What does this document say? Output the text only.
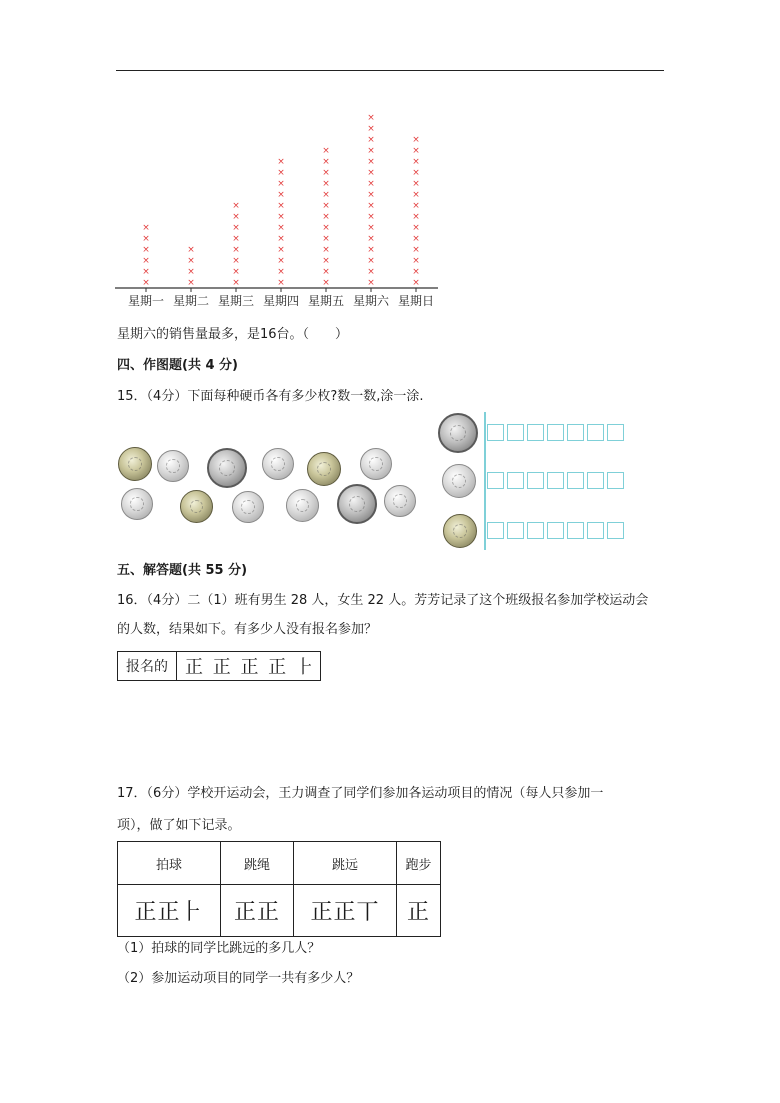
星期一
×
×
×
×
×
×
星期二
×
×
×
×
星期三
×
×
×
×
×
×
×
×
星期四
×
×
×
×
×
×
×
×
×
×
×
×
星期五
×
×
×
×
×
×
×
×
×
×
×
×
×
星期六
×
×
×
×
×
×
×
×
×
×
×
×
×
×
×
×
星期日
×
×
×
×
×
×
×
×
×
×
×
×
×
×
星期六的销售量最多，是16台。（　　）
四、作图题(共 4 分)
15．（4分）下面每种硬币各有多少枚?数一数,涂一涂.
五、解答题(共 55 分)
16．（4分）二（1）班有男生 28 人，女生 22 人。芳芳记录了这个班级报名参加学校运动会
的人数，结果如下。有多少人没有报名参加？
报名的	正 正 正 正 ⺊
17．（6分）学校开运动会，王力调查了同学们参加各运动项目的情况（每人只参加一
项），做了如下记录。
拍球	跳绳	跳远	跑步
正正⺊	正正	正正丅	正
（1）拍球的同学比跳远的多几人？
（2）参加运动项目的同学一共有多少人？
